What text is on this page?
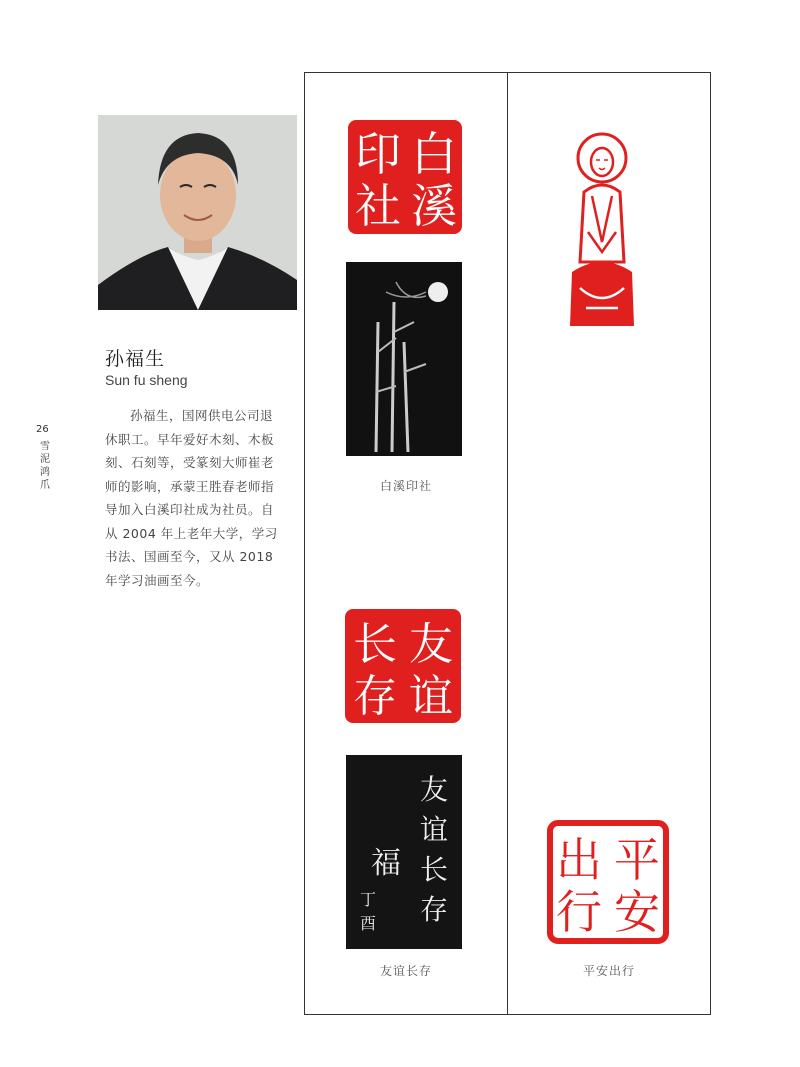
孙福生
Sun fu sheng
孙福生，国网供电公司退休职工。早年爱好木刻、木板刻、石刻等，受篆刻大师崔老师的影响，承蒙王胜春老师指导加入白溪印社成为社员。自从 2004 年上老年大学，学习书法、国画至今，又从 2018 年学习油画至今。
26
雪泥鸿爪
白
溪
印
社
白溪印社
友
谊
长
存
友
谊
长
存
福
丁
酉
友谊长存
平
安
出
行
平安出行
